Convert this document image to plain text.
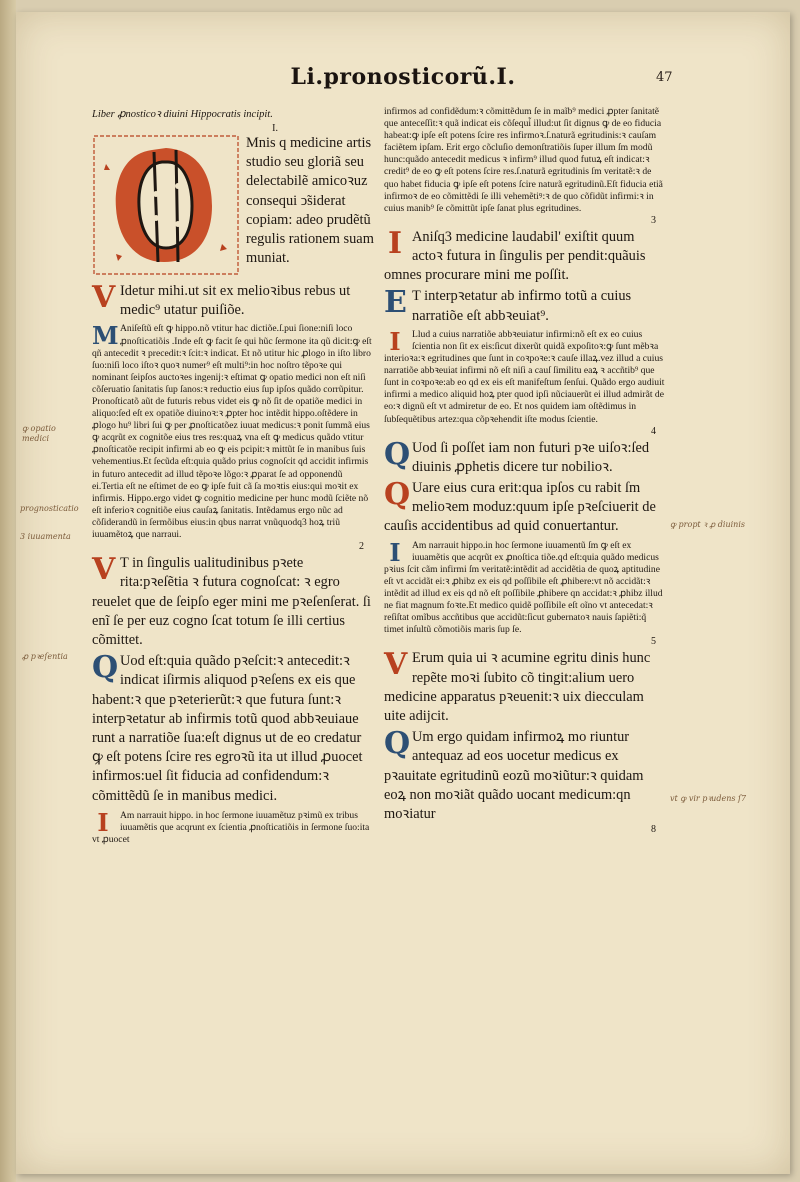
Li.pronosticorũ.I.	47
Liber ꝓnosticoꝛ diuini Hippocratis incipit.
I.
✠

Mnis q medicine artis studio seu gloriã seu delectabilẽ amicoꝛuz consequi ↄ̃siderat copiam: adeo prudẽtũ regulis rationem suam muniat.

V Idetur mihi.ut sit ex melioꝛibus rebus ut medic⁹ utatur puiſiõe.

M Aniſeſtũ eſt ꝙ hippo.nõ vtitur hac dictiõe.ſ.pui ſione:niſi loco ꝓnoſticatiõis .Inde eſt ꝙ facit ſe qui hũc ſermone ita qũ dicit:ꝙ eſt qñ antecedit ꝛ precedit:ꝛ ſcit:ꝛ indicat. Et nõ utitur hic ꝓlogo in iſto libro ſuo:niſi loco iſtoꝛ quoꝛ numer⁹ eſt multi⁹:in hoc noſtro tẽpoꝛe qui nominant ſeipſos auctoꝛes ingenij:ꝛ eſtimat ꝙ opatio medici non eſt niſi cõſeruatio ſanitatis ſup ſanos:ꝛ reductio eius ſup ipſos quãdo corrũpitur. Pronoſticatõ aũt de futuris rebus videt eis ꝙ nõ ſit de opatiõe medici in aliquo:ſed eſt ex opatiõe diuinoꝛ:ꝛ ꝓpter hoc intẽdit hippo.oſtẽdere in ꝓlogo hu⁹ libri ſui ꝙ per ꝓnoſticatõez iuuat medicus:ꝛ ponit ſummã eius ꝙ acqrũt ex cognitõe eius tres res:quaꝝ vna eſt ꝙ medicus quãdo vtitur ꝓnoſticatõe recipit infirmi ab eo ꝙ eis pcipit:ꝛ mittũt ſe in manibus ſuis vehementius.Et ſecũda eſt:quia quãdo prius cognoſcit qd accidit infirmis in futuro antecedit ad illud tẽpoꝛe lõgo:ꝛ ꝓparat ſe ad opponendũ ei.Tertia eſt ne eſtimet de eo ꝙ ipſe fuit cã ſa moꝛtis eius:qui moꝛit ex infirmis. Hippo.ergo videt ꝙ cognitio medicine per hunc modũ ſciẽte nõ eſt inferioꝛ cognitiõe eius cauſaꝝ ſanitatis. Intẽdamus ergo nũc ad cõſiderandũ in ſermõibus eius:in qbus narrat vnũquodq3 hoꝝ triũ iuuamẽtoꝝ que narraui.

2
V T in ſingulis ualitudinibus pꝛete rita:pꝛeſẽtia ꝛ futura cognoſcat: ꝛ egro reuelet que de ſeipſo eger mini me pꝛeſenſerat. ſi enĩ ſe per euz cogno ſcat totum ſe illi certius cõmittet.

Q Uod eſt:quia quãdo pꝛeſcit:ꝛ antecedit:ꝛ indicat iſirmis aliquod pꝛeſens ex eis que habent:ꝛ que pꝛeterierũt:ꝛ que futura ſunt:ꝛ interpꝛetatur ab infirmis totũ quod abbꝛeuiaue runt a narratiõe ſua:eſt dignus ut de eo credatur ꝙ eſt potens ſcire res egroꝛũ ita ut illud ꝓuocet infirmos:uel ſit fiducia ad confidendum:ꝛ cõmittẽdũ ſe in manibus medici.

I	Am narrauit hippo. in hoc ſermone iuuamẽtuz pꝛimũ ex tribus iuuamẽtis que acqrunt ex ſcientia ꝓnoſticatiõis in ſermone ſuo:ita vt ꝓuocet

infirmos ad confidẽdum:ꝛ cõmittẽdum ſe in maĩb⁹ medici ꝓpter ſanitatẽ que anteceſſit:ꝛ quã indicat eis cõſequi̇̃ illud:ut ſit dignus ꝙ de eo fiducia habeat:ꝙ ipſe eſt potens ſcire res infirmoꝛ.ſ.naturã egritudinis:ꝛ cauſam faciẽtem ipſam. Erit ergo cõcluſio demonſtratiõis ſuper illum ſm modũ hunc:quãdo antecedit medicus ꝛ infirm⁹ illud quod futuꝝ eſt indicat:ꝛ credit⁹ de eo ꝙ eſt potens ſcire res.ſ.naturã egritudinis ſm veritatẽ:ꝛ de quo habet fiducia ꝙ ipſe eſt potens ſcire naturã egritudinũ.Eſt fiducia etiã infirmoꝛ de eo cõmittẽdi ſe illi vehemẽtiꝰ:ꝛ de quo cõfidũt infirmi:ꝛ in cuius manib⁹ ſe cõmittũt ipſe ſanat plus egritudines.

3
I Aniſq3 medicine laudabil' exiſtit quum actoꝛ futura in ſingulis per pendit:quãuis omnes procurare mini me poſſit.

E T interpꝛetatur ab infirmo totũ a cuius narratiõe eſt abbꝛeuiat⁹.

I	Llud a cuius narratiõe abbꝛeuiatur infirmi:nõ eſt ex eo cuius ſcientia non ſit ex eis:ſicut dixerũt quidã expoſitoꝛ:ꝙ ſunt mẽbꝛa interioꝛa:ꝛ egritudines que ſunt in coꝛpoꝛe:ꝛ cauſe illaꝝ.vez illud a cuius narratiõe abbꝛeuiat infirmi nõ eſt niſi a cauſ ſimilitu eaꝝ ꝛ accñtib⁹ que ſunt in coꝛpoꝛe:ab eo qd ex eis eſt manifeſtum ſenſui. Quãdo ergo audiuit infirmi a medico aliquid hoꝝ pter quod ipſi nũciauerũt ei illud admirãt de eo:ꝛ dignũ eſt vt admiretur de eo. Et nos quidem iam oſtẽdimus in ſubſequẽtibus artez:qua cõpꝛehendit iſte modus ſcientie.

4
Q Uod ſi poſſet iam non futuri pꝛe uiſoꝛ:ſed diuinis ꝓphetis dicere tur nobilioꝛ.

Q Uare eius cura erit:qua ipſos cu rabit ſm melioꝛem moduz:quum ipſe pꝛeſciuerit de cauſis accidentibus ad quid conuertantur.

I	Am narrauit hippo.in hoc ſermone iuuamentũ ſm ꝙ eſt ex iuuamẽtis que acqrũt ex ꝓnoſtica tiõe.qd eſt:quia quãdo medicus pꝛius ſcit cãm infirmi ſm veritatẽ:intẽdit ad accidẽtia de quoꝝ aptitudine eſt vt accidãt ei:ꝛ ꝓhibz ex eis qd poſſibile eſt ꝓhibere:vt nõ accidãt:ꝛ intẽdit ad illud ex eis qd nõ eſt poſſibile ꝓhibere qn accidat:ꝛ ꝓhibz illud ne fiat magnum foꝛte.Et medico quidẽ poſſibile eſt oĩno vt antecedat:ꝛ reſiſtat omĩbus accñtibus que accidũt:ſicut gubernatoꝛ nauis ſapiẽti:q̃ timet inſultũ cõmotiõis maris ſup ſe.

5
V Erum quia ui ꝛ acumine egritu dinis hunc repẽte moꝛi ſubito cõ tingit:alium uero medicine apparatus pꝛeuenit:ꝛ uix diecculam uite adijcit.

Q Um ergo quidam infirmoꝝ mo riuntur antequaz ad eos uocetur medicus ex pꝛauitate egritudinũ eozũ moꝛiũtur:ꝛ quidam eoꝝ non moꝛiãt quãdo uocant medicum:qn moꝛiatur

8
ꝙ opatio medici
prognosticatio
3 iuuamenta
ꝓ pꝛeſentia
ꝙ propt ꝛ ꝓ diuinis
vt ꝙ vir pꝛudens ſ7
